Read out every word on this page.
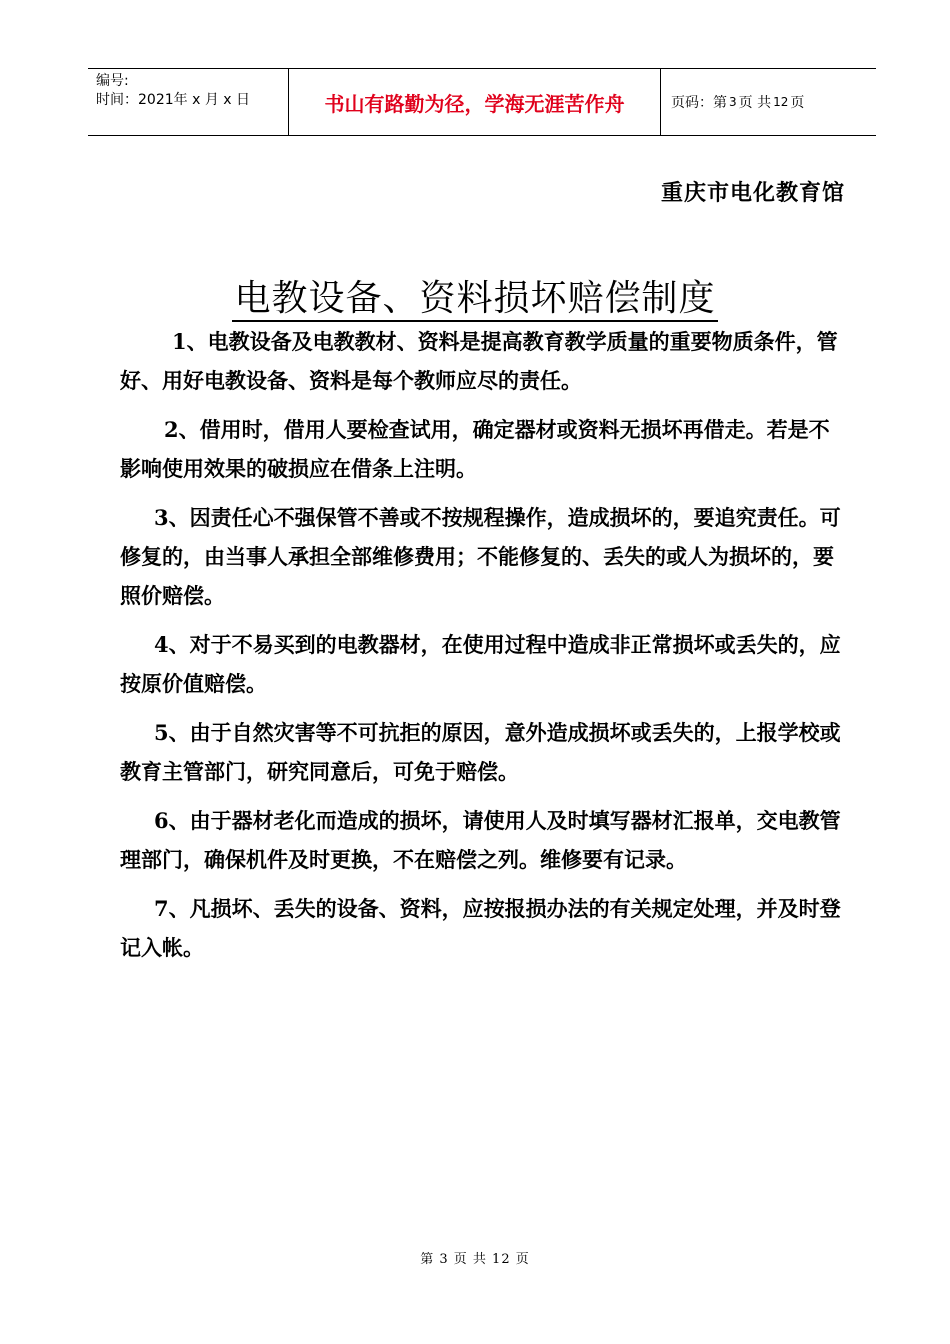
编号:
时间：2021年 x 月 x 日	书山有路勤为径，学海无涯苦作舟	页码：第 3 页 共 12 页
重庆市电化教育馆
电教设备、资料损坏赔偿制度

1、电教设备及电教教材、资料是提高教育教学质量的重要物质条件，管好、用好电教设备、资料是每个教师应尽的责任。

2、借用时，借用人要检查试用，确定器材或资料无损坏再借走。若是不影响使用效果的破损应在借条上注明。

3、因责任心不强保管不善或不按规程操作，造成损坏的，要追究责任。可修复的，由当事人承担全部维修费用；不能修复的、丢失的或人为损坏的，要照价赔偿。

4、对于不易买到的电教器材，在使用过程中造成非正常损坏或丢失的，应按原价值赔偿。

5、由于自然灾害等不可抗拒的原因，意外造成损坏或丢失的，上报学校或教育主管部门，研究同意后，可免于赔偿。

6、由于器材老化而造成的损坏，请使用人及时填写器材汇报单，交电教管理部门，确保机件及时更换，不在赔偿之列。维修要有记录。

7、凡损坏、丢失的设备、资料，应按报损办法的有关规定处理，并及时登记入帐。

第 3 页 共 12 页
